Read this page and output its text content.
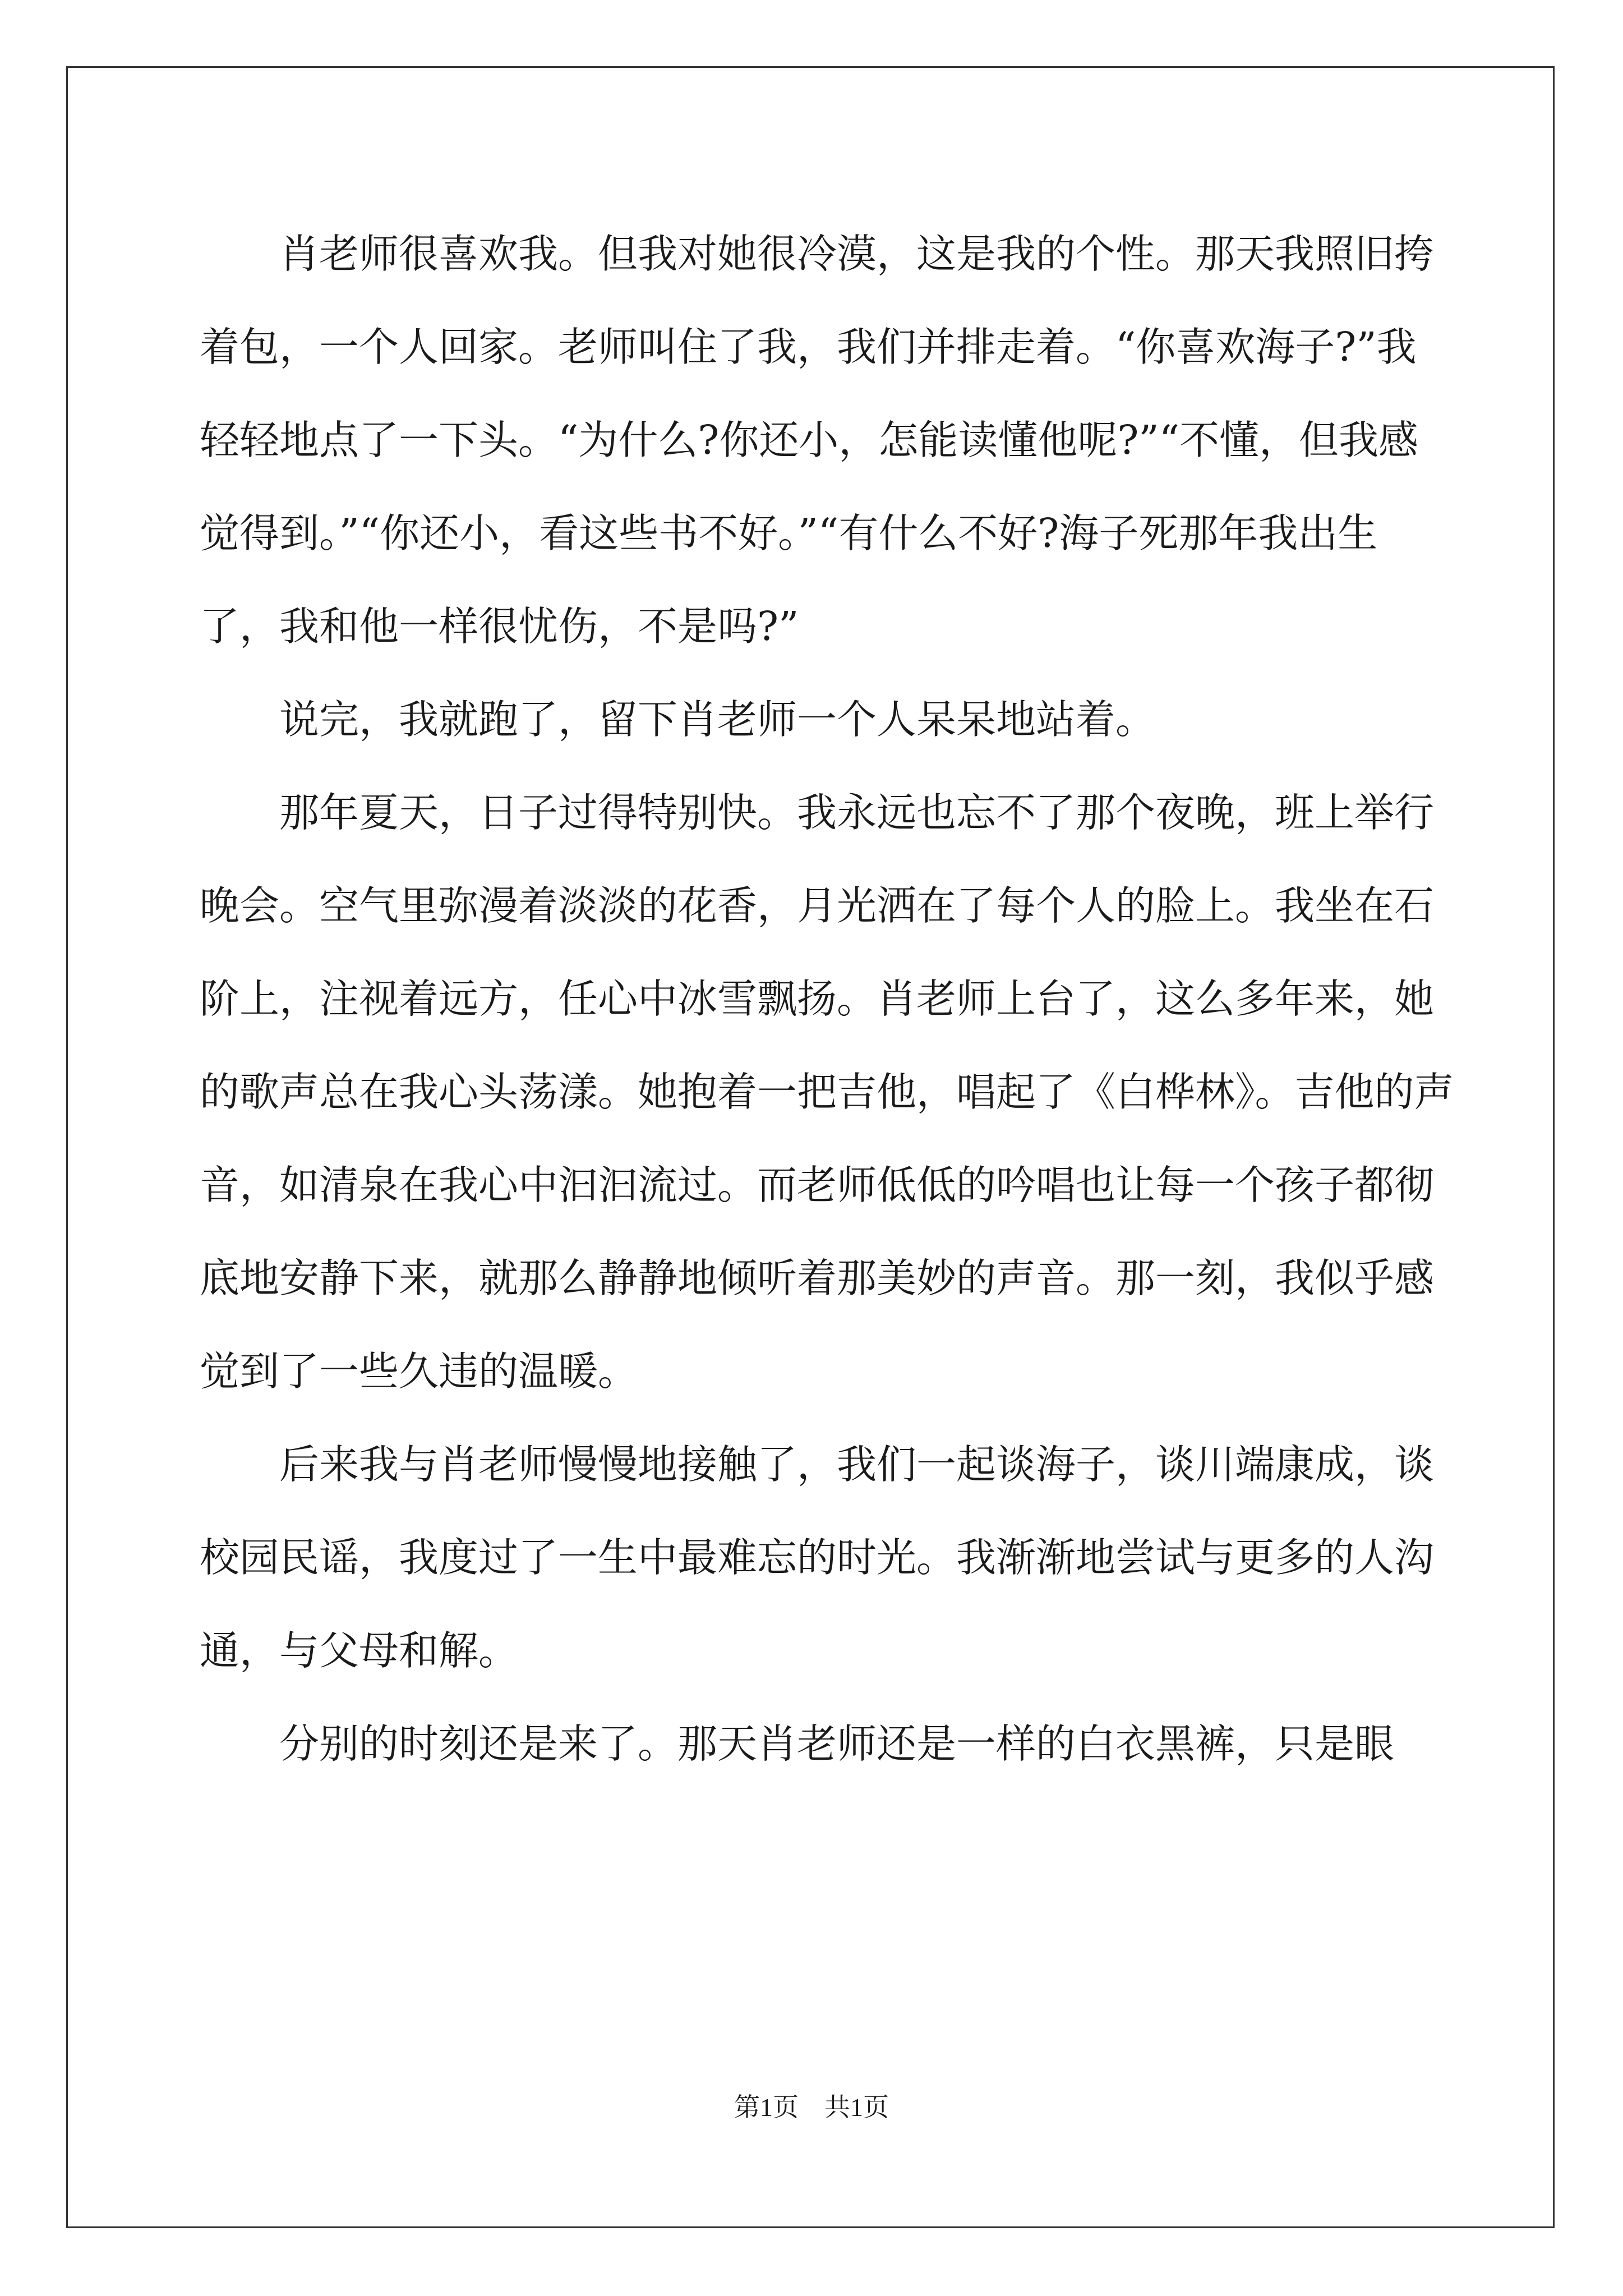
肖老师很喜欢我。但我对她很冷漠，这是我的个性。那天我照旧挎着包，一个人回家。老师叫住了我，我们并排走着。“你喜欢海子?”我轻轻地点了一下头。“为什么?你还小，怎能读懂他呢?”“不懂，但我感觉得到。”“你还小，看这些书不好。”“有什么不好?海子死那年我出生了，我和他一样很忧伤，不是吗?”

说完，我就跑了，留下肖老师一个人呆呆地站着。

那年夏天，日子过得特别快。我永远也忘不了那个夜晚，班上举行晚会。空气里弥漫着淡淡的花香，月光洒在了每个人的脸上。我坐在石阶上，注视着远方，任心中冰雪飘扬。肖老师上台了，这么多年来，她的歌声总在我心头荡漾。她抱着一把吉他，唱起了《白桦林》。吉他的声音，如清泉在我心中汩汩流过。而老师低低的吟唱也让每一个孩子都彻底地安静下来，就那么静静地倾听着那美妙的声音。那一刻，我似乎感觉到了一些久违的温暖。

后来我与肖老师慢慢地接触了，我们一起谈海子，谈川端康成，谈校园民谣，我度过了一生中最难忘的时光。我渐渐地尝试与更多的人沟通，与父母和解。

分别的时刻还是来了。那天肖老师还是一样的白衣黑裤，只是眼

第1页 共1页
